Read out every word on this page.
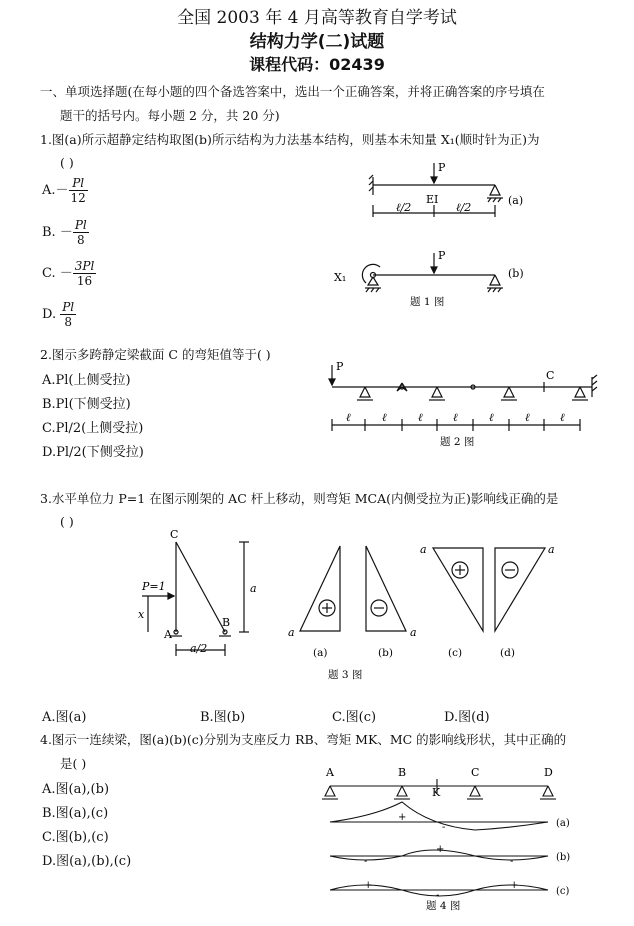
全国 2003 年 4 月高等教育自学考试
结构力学(二)试题
课程代码：02439
一、单项选择题(在每小题的四个备选答案中，选出一个正确答案，并将正确答案的序号填在
题干的括号内。每小题 2 分，共 20 分)
1.图(a)所示超静定结构取图(b)所示结构为力法基本结构，则基本未知量 X₁(顺时针为正)为
( )
$A.- \frac{Pl}{12}$
B. － $\frac{Pl}{8}$
C. － $\frac{3Pl}{16}$
D. $\frac{Pl}{8}$
P
EI
ℓ/2	ℓ/2
(a)
P
X₁	(b)
题 1 图
2.图示多跨静定梁截面 C 的弯矩值等于( )
A.Pl(上侧受拉)
B.Pl(下侧受拉)
C.Pl/2(上侧受拉)
D.Pl/2(下侧受拉)
P
C
ℓ	ℓ	ℓ	ℓ	ℓ	ℓ	ℓ
题 2 图
3.水平单位力 P=1 在图示刚架的 AC 杆上移动，则弯矩 MCA(内侧受拉为正)影响线正确的是
( )
C
A
B
P=1
x
a
a/2
a	a
a	a
(a)	(b)	(c)	(d)
题 3 图
A.图(a)	B.图(b)	C.图(c)	D.图(d)
4.图示一连续梁，图(a)(b)(c)分别为支座反力 RB、弯矩 MK、MC 的影响线形状，其中正确的
是( )
A.图(a),(b)
B.图(a),(c)
C.图(b),(c)
D.图(a),(b),(c)
A	B	C	D
K
+
-	(a)
-
+
-	(b)
+
-
+
(c)
题 4 图
